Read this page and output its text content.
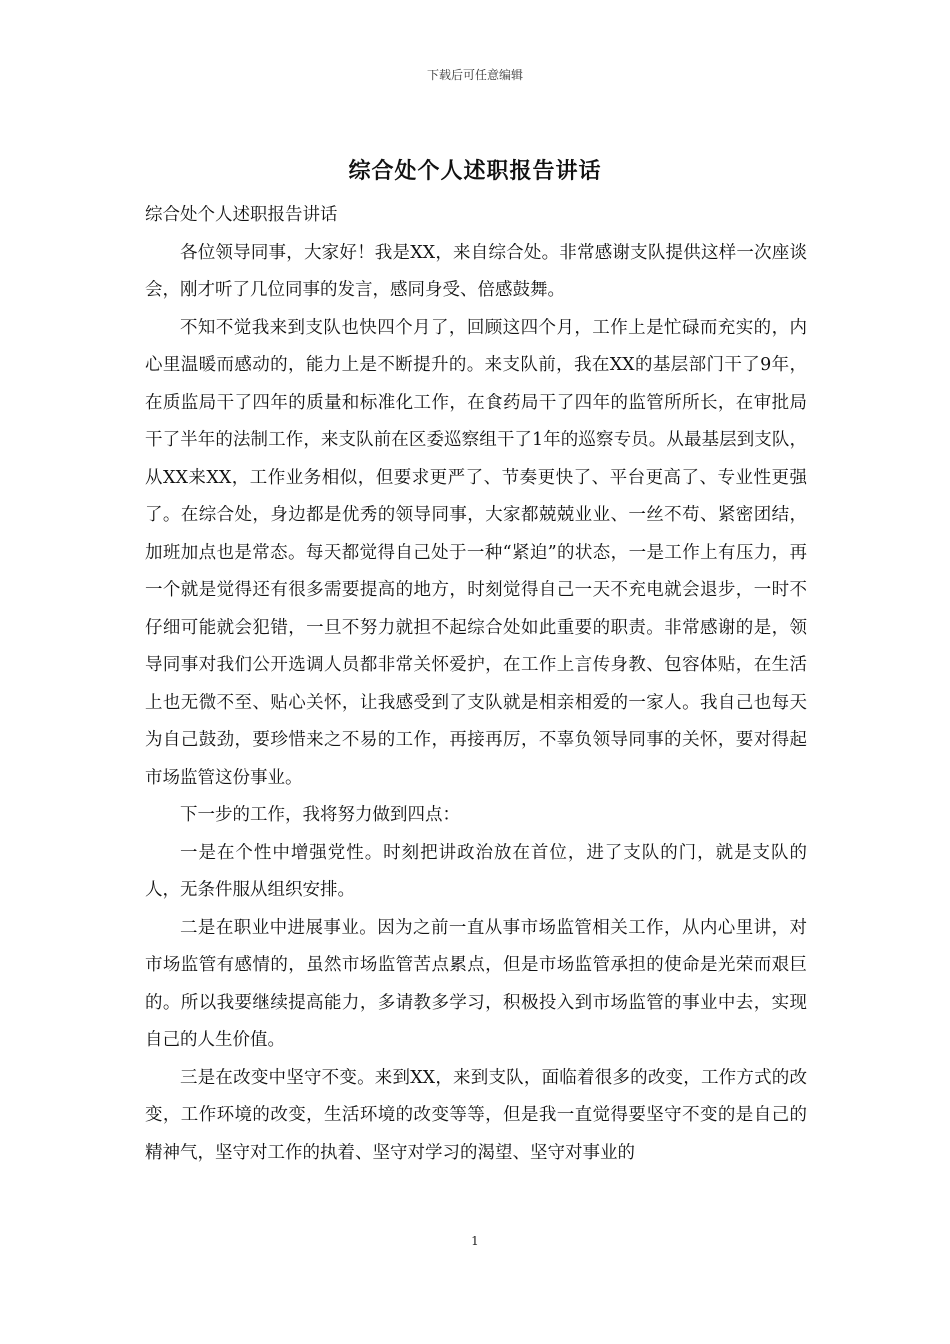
下载后可任意编辑
综合处个人述职报告讲话

综合处个人述职报告讲话

各位领导同事，大家好！我是XX，来自综合处。非常感谢支队提供这样一次座谈会，刚才听了几位同事的发言，感同身受、倍感鼓舞。

不知不觉我来到支队也快四个月了，回顾这四个月，工作上是忙碌而充实的，内心里温暖而感动的，能力上是不断提升的。来支队前，我在XX的基层部门干了9年，在质监局干了四年的质量和标准化工作，在食药局干了四年的监管所所长，在审批局干了半年的法制工作，来支队前在区委巡察组干了1年的巡察专员。从最基层到支队，从XX来XX，工作业务相似，但要求更严了、节奏更快了、平台更高了、专业性更强了。在综合处，身边都是优秀的领导同事，大家都兢兢业业、一丝不苟、紧密团结，加班加点也是常态。每天都觉得自己处于一种“紧迫”的状态，一是工作上有压力，再一个就是觉得还有很多需要提高的地方，时刻觉得自己一天不充电就会退步，一时不仔细可能就会犯错，一旦不努力就担不起综合处如此重要的职责。非常感谢的是，领导同事对我们公开选调人员都非常关怀爱护，在工作上言传身教、包容体贴，在生活上也无微不至、贴心关怀，让我感受到了支队就是相亲相爱的一家人。我自己也每天为自己鼓劲，要珍惜来之不易的工作，再接再厉，不辜负领导同事的关怀，要对得起市场监管这份事业。

下一步的工作，我将努力做到四点：

一是在个性中增强党性。时刻把讲政治放在首位，进了支队的门，就是支队的人，无条件服从组织安排。

二是在职业中进展事业。因为之前一直从事市场监管相关工作，从内心里讲，对市场监管有感情的，虽然市场监管苦点累点，但是市场监管承担的使命是光荣而艰巨的。所以我要继续提高能力，多请教多学习，积极投入到市场监管的事业中去，实现自己的人生价值。

三是在改变中坚守不变。来到XX，来到支队，面临着很多的改变，工作方式的改变，工作环境的改变，生活环境的改变等等，但是我一直觉得要坚守不变的是自己的精神气，坚守对工作的执着、坚守对学习的渴望、坚守对事业的

1
